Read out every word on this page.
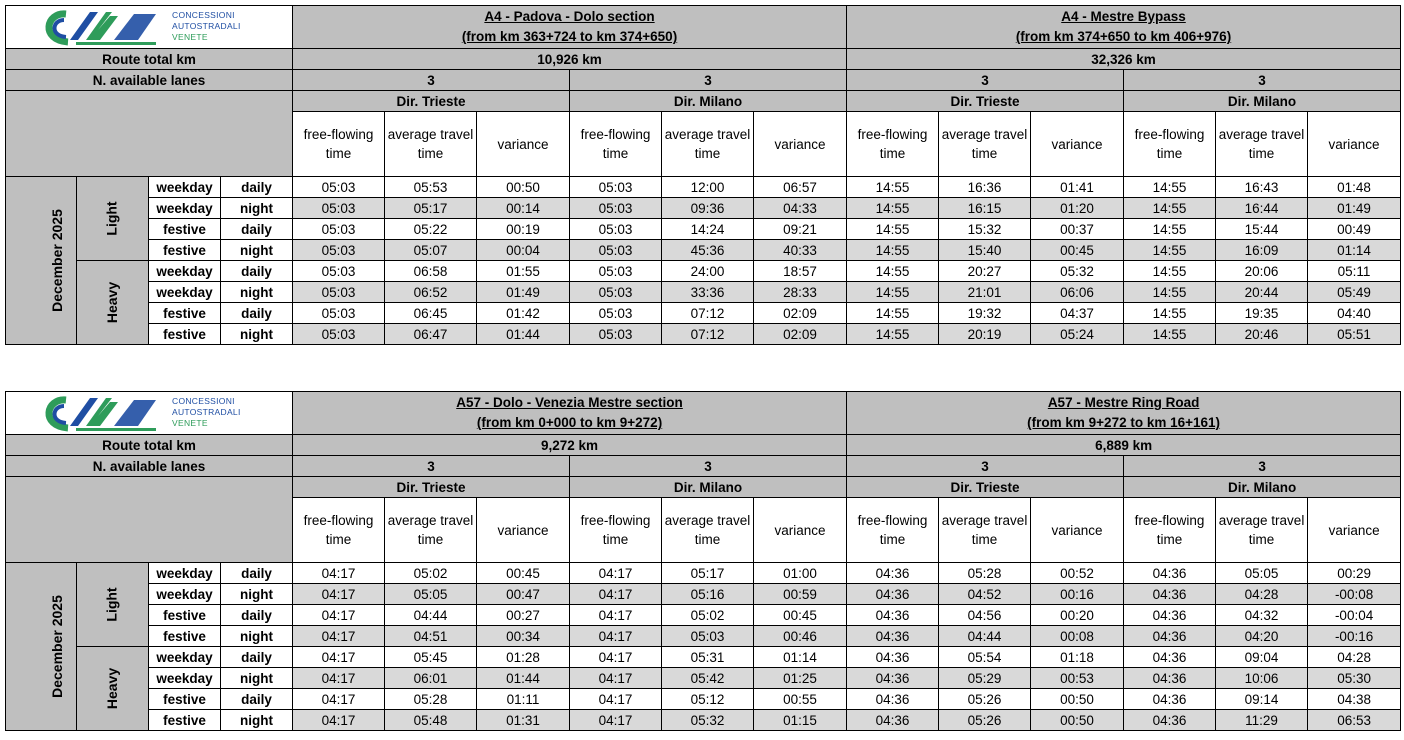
CONCESSIONI
AUTOSTRADALI
VENETE				A4 - Padova - Dolo section
(from km 363+724 to km 374+650)						A4 - Mestre Bypass
(from km 374+650 to km 406+976)					

Route total km				10,926 km						32,326 km					
N. available lanes				3			3			3			3		
				Dir. Trieste			Dir. Milano			Dir. Trieste			Dir. Milano		
				free-flowing time	average travel time	variance	free-flowing time	average travel time	variance	free-flowing time	average travel time	variance	free-flowing time	average travel time	variance
December 2025	Light	weekday	daily	05:03	05:53	00:50	05:03	12:00	06:57	14:55	16:36	01:41	14:55	16:43	01:48
		weekday	night	05:03	05:17	00:14	05:03	09:36	04:33	14:55	16:15	01:20	14:55	16:44	01:49
		festive	daily	05:03	05:22	00:19	05:03	14:24	09:21	14:55	15:32	00:37	14:55	15:44	00:49
		festive	night	05:03	05:07	00:04	05:03	45:36	40:33	14:55	15:40	00:45	14:55	16:09	01:14
	Heavy	weekday	daily	05:03	06:58	01:55	05:03	24:00	18:57	14:55	20:27	05:32	14:55	20:06	05:11
		weekday	night	05:03	06:52	01:49	05:03	33:36	28:33	14:55	21:01	06:06	14:55	20:44	05:49
		festive	daily	05:03	06:45	01:42	05:03	07:12	02:09	14:55	19:32	04:37	14:55	19:35	04:40
		festive	night	05:03	06:47	01:44	05:03	07:12	02:09	14:55	20:19	05:24	14:55	20:46	05:51
CONCESSIONI
AUTOSTRADALI
VENETE				A57 - Dolo - Venezia Mestre section
(from km 0+000 to km 9+272)						A57 - Mestre Ring Road
(from km 9+272 to km 16+161)					

Route total km				9,272 km						6,889 km					
N. available lanes				3			3			3			3		
				Dir. Trieste			Dir. Milano			Dir. Trieste			Dir. Milano		
				free-flowing time	average travel time	variance	free-flowing time	average travel time	variance	free-flowing time	average travel time	variance	free-flowing time	average travel time	variance
December 2025	Light	weekday	daily	04:17	05:02	00:45	04:17	05:17	01:00	04:36	05:28	00:52	04:36	05:05	00:29
		weekday	night	04:17	05:05	00:47	04:17	05:16	00:59	04:36	04:52	00:16	04:36	04:28	-00:08
		festive	daily	04:17	04:44	00:27	04:17	05:02	00:45	04:36	04:56	00:20	04:36	04:32	-00:04
		festive	night	04:17	04:51	00:34	04:17	05:03	00:46	04:36	04:44	00:08	04:36	04:20	-00:16
	Heavy	weekday	daily	04:17	05:45	01:28	04:17	05:31	01:14	04:36	05:54	01:18	04:36	09:04	04:28
		weekday	night	04:17	06:01	01:44	04:17	05:42	01:25	04:36	05:29	00:53	04:36	10:06	05:30
		festive	daily	04:17	05:28	01:11	04:17	05:12	00:55	04:36	05:26	00:50	04:36	09:14	04:38
		festive	night	04:17	05:48	01:31	04:17	05:32	01:15	04:36	05:26	00:50	04:36	11:29	06:53
